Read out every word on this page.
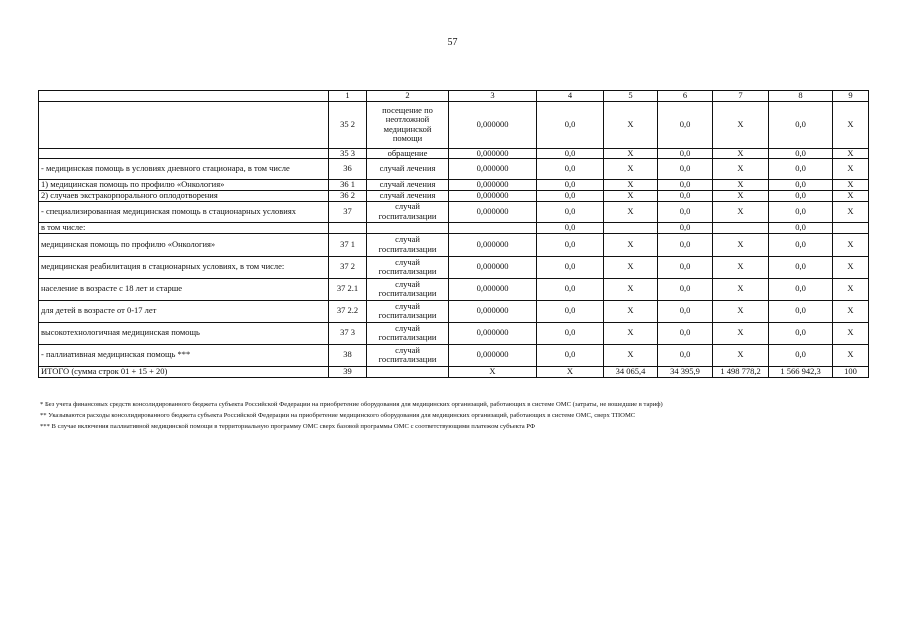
57
	1	2	3	4	5	6	7	8	9
	35 2	посещение по неотложной медицинской помощи	0,000000	0,0	X	0,0	X	0,0	X
	35 3	обращение	0,000000	0,0	X	0,0	X	0,0	X
- медицинская помощь в условиях дневного стационара, в том числе	36	случай лечения	0,000000	0,0	X	0,0	X	0,0	X
1) медицинская помощь по профилю «Онкология»	36 1	случай лечения	0,000000	0,0	X	0,0	X	0,0	X
2) случаев экстракорпорального оплодотворения	36 2	случай лечения	0,000000	0,0	X	0,0	X	0,0	X
- специализированная медицинская помощь в стационарных условиях	37	случай госпитализации	0,000000	0,0	X	0,0	X	0,0	X
в том числе:				0,0		0,0		0,0	
медицинская помощь по профилю «Онкология»	37 1	случай госпитализации	0,000000	0,0	X	0,0	X	0,0	X
медицинская реабилитация в стационарных условиях, в том числе:	37 2	случай госпитализации	0,000000	0,0	X	0,0	X	0,0	X
население в возрасте с 18 лет и старше	37 2.1	случай госпитализации	0,000000	0,0	X	0,0	X	0,0	X
для детей в возрасте от 0-17 лет	37 2.2	случай госпитализации	0,000000	0,0	X	0,0	X	0,0	X
высокотехнологичная медицинская помощь	37 3	случай госпитализации	0,000000	0,0	X	0,0	X	0,0	X
- паллиативная медицинская помощь ***	38	случай госпитализации	0,000000	0,0	X	0,0	X	0,0	X
ИТОГО (сумма строк 01 + 15 + 20)	39		X	X	34 065,4	34 395,9	1 498 778,2	1 566 942,3	100
* Без учета финансовых средств консолидированного бюджета субъекта Российской Федерации на приобретение оборудования для медицинских организаций, работающих в системе ОМС (затраты, не вошедшие в тариф)
** Указываются расходы консолидированного бюджета субъекта Российской Федерации на приобретение медицинского оборудования для медицинских организаций, работающих в системе ОМС, сверх ТПОМС
*** В случае включения паллиативной медицинской помощи в территориальную программу ОМС сверх базовой программы ОМС с соответствующими платежом субъекта РФ
